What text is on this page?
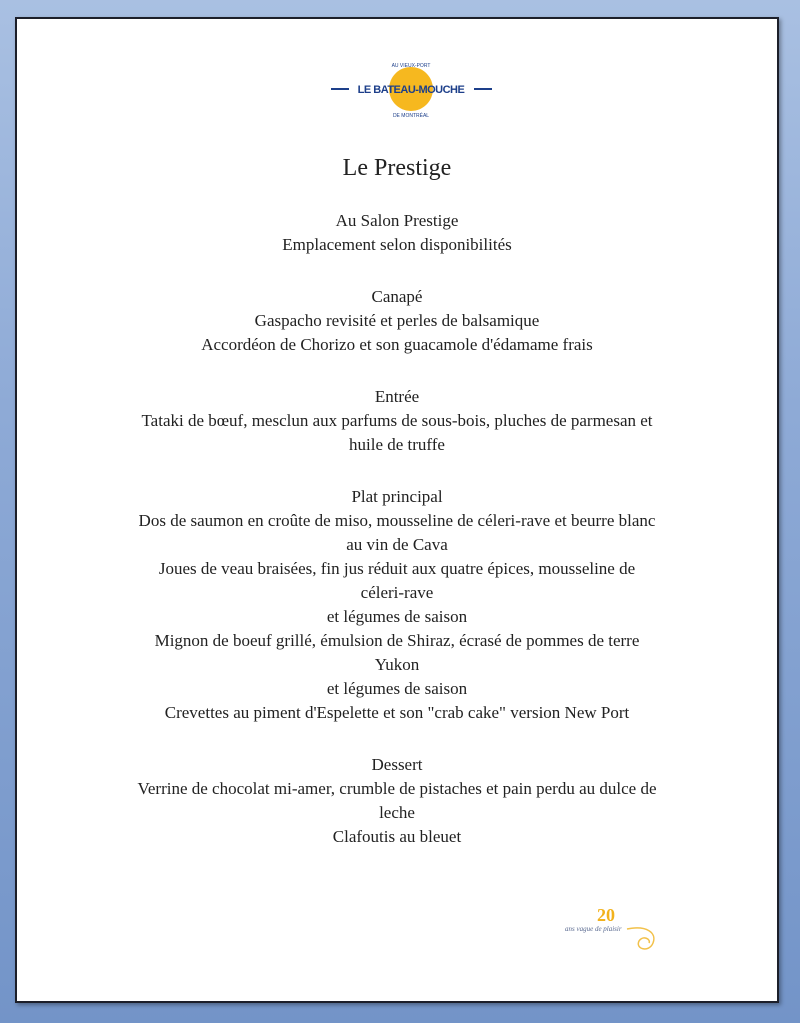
LE BATEAU-MOUCHE
AU VIEUX-PORT
DE MONTRÉAL
Le Prestige
Au Salon Prestige
Emplacement selon disponibilités
Canapé
Gaspacho revisité et perles de balsamique
Accordéon de Chorizo et son guacamole d'édamame frais
Entrée
Tataki de bœuf, mesclun aux parfums de sous-bois, pluches de parmesan et huile de truffe
Plat principal
Dos de saumon en croûte de miso, mousseline de céleri-rave et beurre blanc au vin de Cava
Joues de veau braisées, fin jus réduit aux quatre épices, mousseline de céleri-rave
et légumes de saison
Mignon de boeuf grillé, émulsion de Shiraz, écrasé de pommes de terre Yukon
et légumes de saison
Crevettes au piment d'Espelette et son "crab cake" version New Port
Dessert
Verrine de chocolat mi-amer, crumble de pistaches et pain perdu au dulce de leche
Clafoutis au bleuet
20
ans vague de plaisir
